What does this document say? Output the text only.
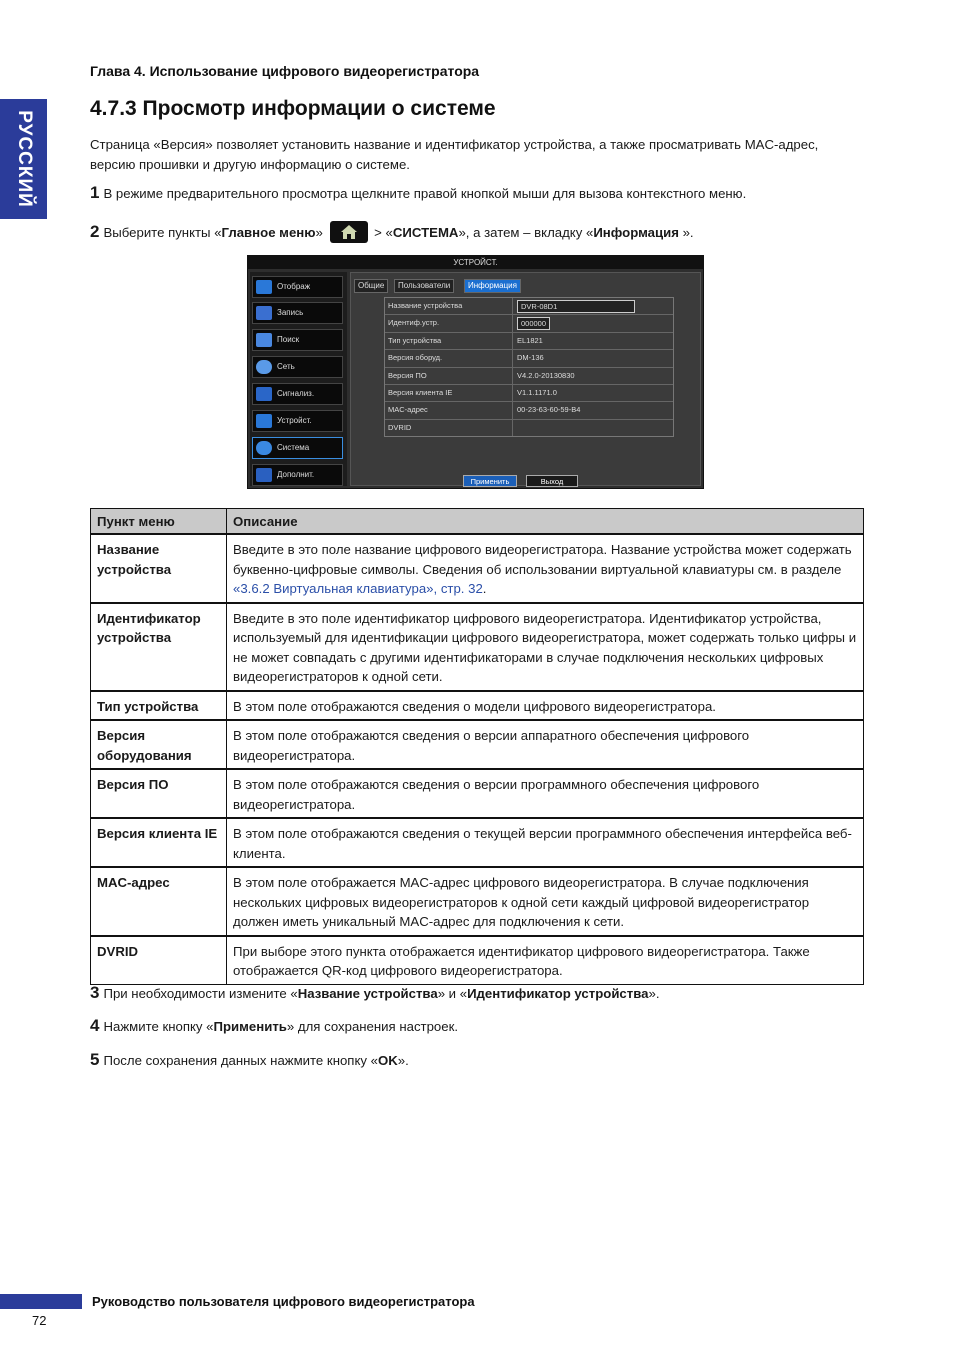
РУССКИЙ
Глава 4. Использование цифрового видеорегистратора
4.7.3 Просмотр информации о системе
Страница «Версия» позволяет установить название и идентификатор устройства, а также просматривать MAC-адрес, версию прошивки и другую информацию о системе.
1 В режиме предварительного просмотра щелкните правой кнопкой мыши для вызова контекстного меню.
2 Выберите пункты «Главное меню»	> «СИСТЕМА», а затем – вкладку «Информация ».
УСТРОЙСТ.
Отображ
Запись
Поиск
Сеть
Сигнализ.
Устройст.
Система
Дополнит.
Общие	Пользователи	Информация
Название устройства	DVR-08D1
Идентиф.устр.	000000
Тип устройства	EL1821
Версия оборуд.	DM-136
Версия ПО	V4.2.0-20130830
Версия клиента IE	V1.1.1171.0
MAC-адрес	00-23-63-60-59-B4
DVRID
Применить	Выход
Пункт меню	Описание
Название устройства	Введите в это поле название цифрового видеорегистратора. Название устройства может содержать буквенно-цифровые символы. Сведения об использовании виртуальной клавиатуры см. в разделе «3.6.2 Виртуальная клавиатура», стр. 32.
Идентификатор устройства	Введите в это поле идентификатор цифрового видеорегистратора. Идентификатор устройства, используемый для идентификации цифрового видеорегистратора, может содержать только цифры и не может совпадать с другими идентификаторами в случае подключения нескольких цифровых видеорегистраторов к одной сети.
Тип устройства	В этом поле отображаются сведения о модели цифрового видеорегистратора.
Версия оборудования	В этом поле отображаются сведения о версии аппаратного обеспечения цифрового видеорегистратора.
Версия ПО	В этом поле отображаются сведения о версии программного обеспечения цифрового видеорегистратора.
Версия клиента IE	В этом поле отображаются сведения о текущей версии программного обеспечения интерфейса веб-клиента.
MAC-адрес	В этом поле отображается MAC-адрес цифрового видеорегистратора. В случае подключения нескольких цифровых видеорегистраторов к одной сети каждый цифровой видеорегистратор должен иметь уникальный MAC-адрес для подключения к сети.
DVRID	При выборе этого пункта отображается идентификатор цифрового видеорегистратора. Также отображается QR-код цифрового видеорегистратора.
3 При необходимости измените «Название устройства» и «Идентификатор устройства».
4 Нажмите кнопку «Применить» для сохранения настроек.
5 После сохранения данных нажмите кнопку «OK».
Руководство пользователя цифрового видеорегистратора
72
